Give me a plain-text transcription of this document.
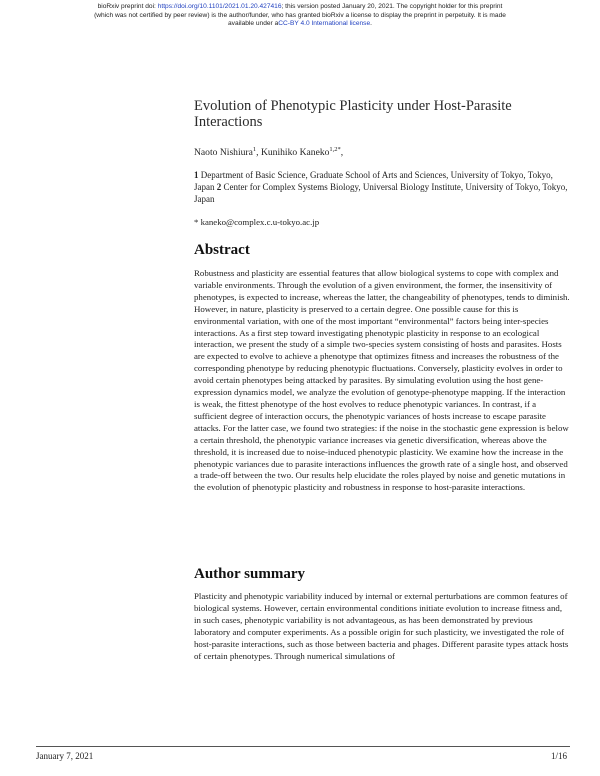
bioRxiv preprint doi: https://doi.org/10.1101/2021.01.20.427416; this version posted January 20, 2021. The copyright holder for this preprint
(which was not certified by peer review) is the author/funder, who has granted bioRxiv a license to display the preprint in perpetuity. It is made
available under aCC-BY 4.0 International license.
Evolution of Phenotypic Plasticity under Host-Parasite Interactions
Naoto Nishiura$^1$, Kunihiko Kaneko$^{1,2*}$,
1 Department of Basic Science, Graduate School of Arts and Sciences, University of Tokyo, Tokyo, Japan 2 Center for Complex Systems Biology, Universal Biology Institute, University of Tokyo, Tokyo, Japan
* kaneko@complex.c.u-tokyo.ac.jp
Abstract
Robustness and plasticity are essential features that allow biological systems to cope with complex and variable environments. Through the evolution of a given environment, the former, the insensitivity of phenotypes, is expected to increase, whereas the latter, the changeability of phenotypes, tends to diminish. However, in nature, plasticity is preserved to a certain degree. One possible cause for this is environmental variation, with one of the most important “environmental” factors being inter-species interactions. As a first step toward investigating phenotypic plasticity in response to an ecological interaction, we present the study of a simple two-species system consisting of hosts and parasites. Hosts are expected to evolve to achieve a phenotype that optimizes fitness and increases the robustness of the corresponding phenotype by reducing phenotypic fluctuations. Conversely, plasticity evolves in order to avoid certain phenotypes being attacked by parasites. By simulating evolution using the host gene-expression dynamics model, we analyze the evolution of genotype-phenotype mapping. If the interaction is weak, the fittest phenotype of the host evolves to reduce phenotypic variances. In contrast, if a sufficient degree of interaction occurs, the phenotypic variances of hosts increase to escape parasite attacks. For the latter case, we found two strategies: if the noise in the stochastic gene expression is below a certain threshold, the phenotypic variance increases via genetic diversification, whereas above the threshold, it is increased due to noise-induced phenotypic plasticity. We examine how the increase in the phenotypic variances due to parasite interactions influences the growth rate of a single host, and observed a trade-off between the two. Our results help elucidate the roles played by noise and genetic mutations in the evolution of phenotypic plasticity and robustness in response to host-parasite interactions.
Author summary
Plasticity and phenotypic variability induced by internal or external perturbations are common features of biological systems. However, certain environmental conditions initiate evolution to increase fitness and, in such cases, phenotypic variability is not advantageous, as has been demonstrated by previous laboratory and computer experiments. As a possible origin for such plasticity, we investigated the role of host-parasite interactions, such as those between bacteria and phages. Different parasite types attack hosts of certain phenotypes. Through numerical simulations of
January 7, 2021	1/16
